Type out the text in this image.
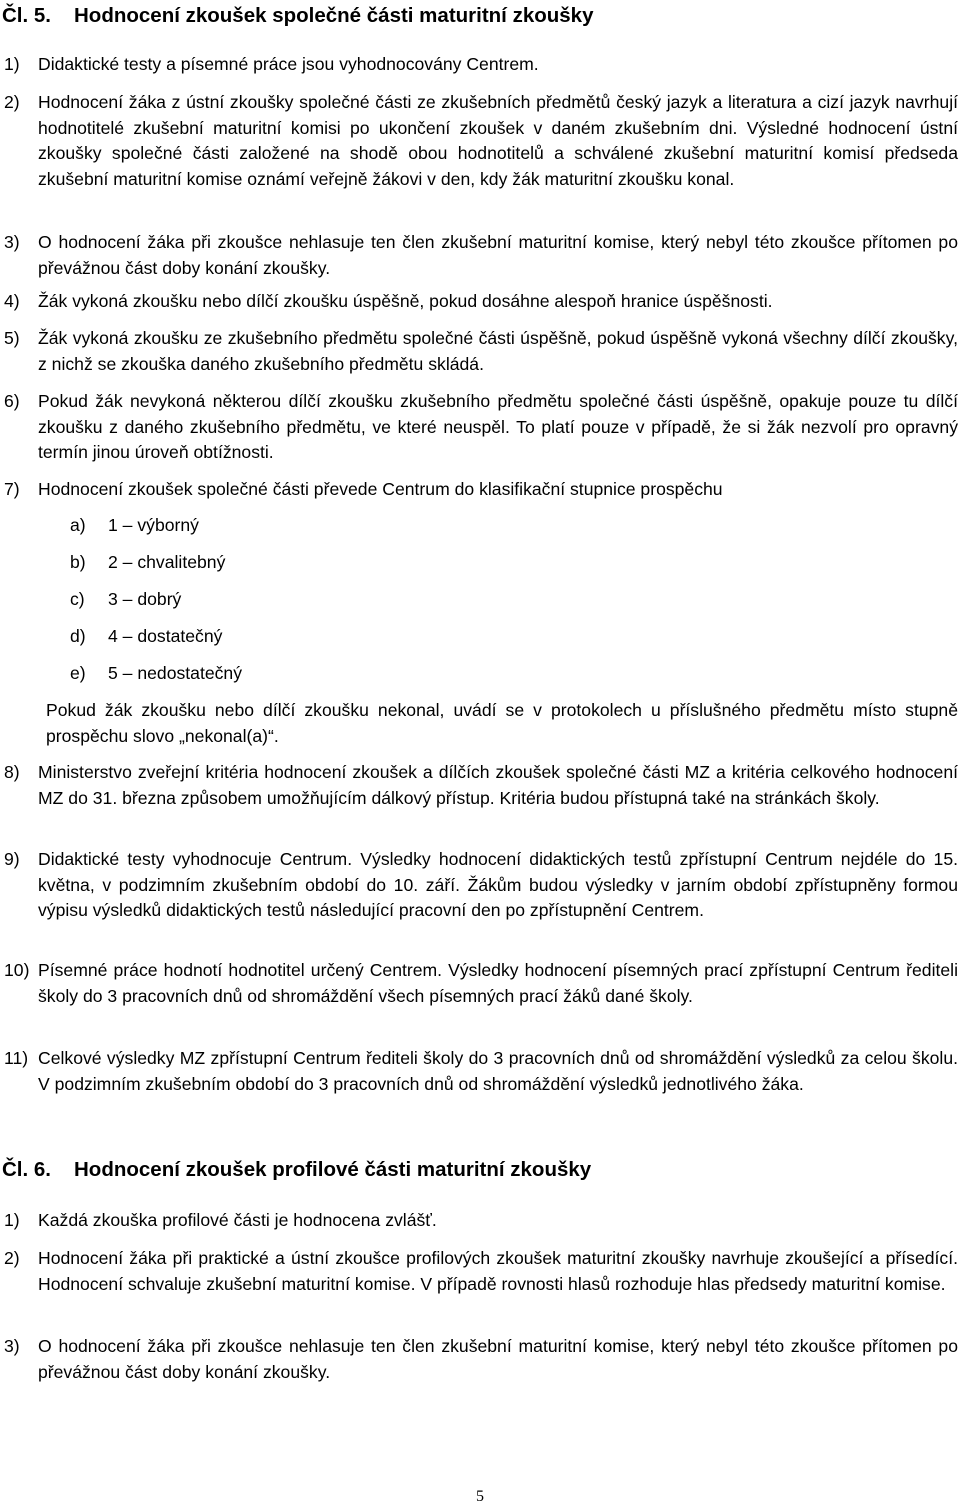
Čl. 5. Hodnocení zkoušek společné části maturitní zkoušky
1) Didaktické testy a písemné práce jsou vyhodnocovány Centrem.
2) Hodnocení žáka z ústní zkoušky společné části ze zkušebních předmětů český jazyk a literatura a cizí jazyk navrhují hodnotitelé zkušební maturitní komisi po ukončení zkoušek v daném zkušebním dni. Výsledné hodnocení ústní zkoušky společné části založené na shodě obou hodnotitelů a schválené zkušební maturitní komisí předseda zkušební maturitní komise oznámí veřejně žákovi v den, kdy žák maturitní zkoušku konal.
3) O hodnocení žáka při zkoušce nehlasuje ten člen zkušební maturitní komise, který nebyl této zkoušce přítomen po převážnou část doby konání zkoušky.
4) Žák vykoná zkoušku nebo dílčí zkoušku úspěšně, pokud dosáhne alespoň hranice úspěšnosti.
5) Žák vykoná zkoušku ze zkušebního předmětu společné části úspěšně, pokud úspěšně vykoná všechny dílčí zkoušky, z nichž se zkouška daného zkušebního předmětu skládá.
6) Pokud žák nevykoná některou dílčí zkoušku zkušebního předmětu společné části úspěšně, opakuje pouze tu dílčí zkoušku z daného zkušebního předmětu, ve které neuspěl. To platí pouze v případě, že si žák nezvolí pro opravný termín jinou úroveň obtížnosti.
7) Hodnocení zkoušek společné části převede Centrum do klasifikační stupnice prospěchu
a) 1 – výborný
b) 2 – chvalitebný
c) 3 – dobrý
d) 4 – dostatečný
e) 5 – nedostatečný
Pokud žák zkoušku nebo dílčí zkoušku nekonal, uvádí se v protokolech u příslušného předmětu místo stupně prospěchu slovo „nekonal(a)“.
8) Ministerstvo zveřejní kritéria hodnocení zkoušek a dílčích zkoušek společné části MZ a kritéria celkového hodnocení MZ do 31. března způsobem umožňujícím dálkový přístup. Kritéria budou přístupná také na stránkách školy.
9) Didaktické testy vyhodnocuje Centrum. Výsledky hodnocení didaktických testů zpřístupní Centrum nejdéle do 15. května, v podzimním zkušebním období do 10. září. Žákům budou výsledky v jarním období zpřístupněny formou výpisu výsledků didaktických testů následující pracovní den po zpřístupnění Centrem.
10) Písemné práce hodnotí hodnotitel určený Centrem. Výsledky hodnocení písemných prací zpřístupní Centrum řediteli školy do 3 pracovních dnů od shromáždění všech písemných prací žáků dané školy.
11) Celkové výsledky MZ zpřístupní Centrum řediteli školy do 3 pracovních dnů od shromáždění výsledků za celou školu. V podzimním zkušebním období do 3 pracovních dnů od shromáždění výsledků jednotlivého žáka.
Čl. 6. Hodnocení zkoušek profilové části maturitní zkoušky
1) Každá zkouška profilové části je hodnocena zvlášť.
2) Hodnocení žáka při praktické a ústní zkoušce profilových zkoušek maturitní zkoušky navrhuje zkoušející a přísedící. Hodnocení schvaluje zkušební maturitní komise. V případě rovnosti hlasů rozhoduje hlas předsedy maturitní komise.
3) O hodnocení žáka při zkoušce nehlasuje ten člen zkušební maturitní komise, který nebyl této zkoušce přítomen po převážnou část doby konání zkoušky.
5
